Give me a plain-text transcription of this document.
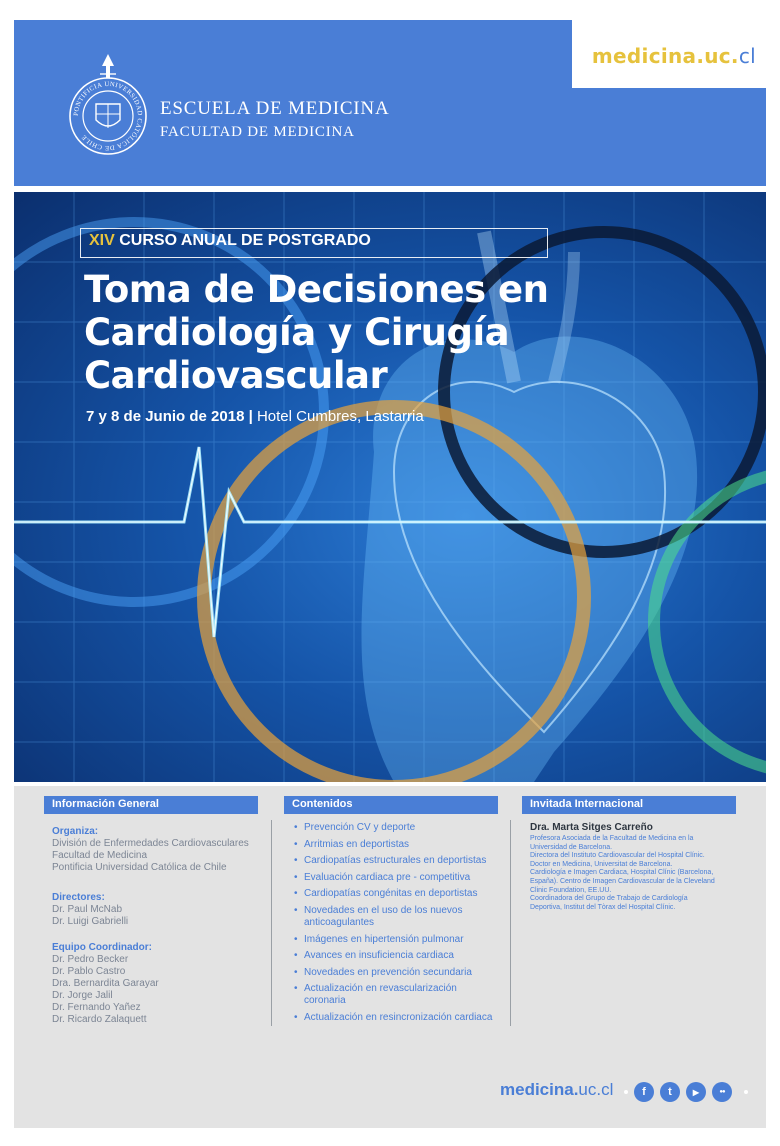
medicina.uc.cl
PONTIFICIA UNIVERSIDAD CATÓLICA DE CHILE
ESCUELA DE MEDICINA
FACULTAD DE MEDICINA
XIV CURSO ANUAL DE POSTGRADO
Toma de Decisiones en
Cardiología y Cirugía
Cardiovascular
7 y 8 de Junio de 2018 | Hotel Cumbres, Lastarria
Información General
Organiza:
División de Enfermedades Cardiovasculares
Facultad de Medicina
Pontificia Universidad Católica de Chile
Directores:
Dr. Paul McNab
Dr. Luigi Gabrielli
Equipo Coordinador:
Dr. Pedro Becker
Dr. Pablo Castro
Dra. Bernardita Garayar
Dr. Jorge Jalil
Dr. Fernando Yañez
Dr. Ricardo Zalaquett
Contenidos
• Prevención CV y deporte
• Arritmias en deportistas
• Cardiopatías estructurales en deportistas
• Evaluación cardiaca pre - competitiva
• Cardiopatías congénitas en deportistas
• Novedades en el uso de los nuevos
anticoagulantes
• Imágenes en hipertensión pulmonar
• Avances en insuficiencia cardiaca
• Novedades en prevención secundaria
• Actualización en revascularización coronaria
• Actualización en resincronización cardiaca
Invitada Internacional
Dra. Marta Sitges Carreño
Profesora Asociada de la Facultad de Medicina en la
Universidad de Barcelona.
Directora del Instituto Cardiovascular del Hospital Clínic.
Doctor en Medicina, Universitat de Barcelona.
Cardiología e Imagen Cardiaca, Hospital Clínic (Barcelona,
España). Centro de Imagen Cardiovascular de la Cleveland
Clinic Foundation, EE.UU.
Coordinadora del Grupo de Trabajo de Cardiología
Deportiva, Institut del Tòrax del Hospital Clínic.
medicina.uc.cl	f	t	▶	●●
